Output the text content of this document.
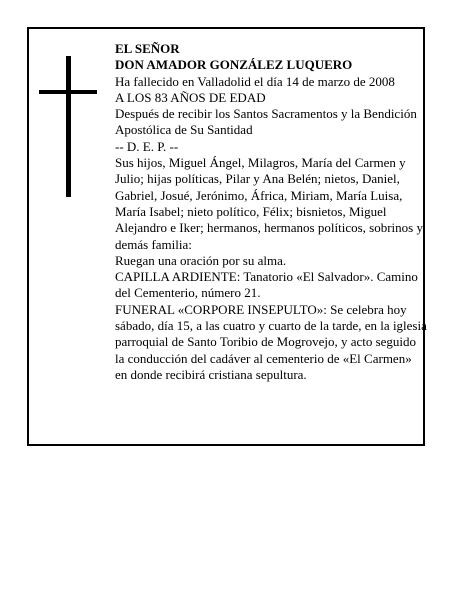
EL SEÑOR

DON AMADOR GONZÁLEZ LUQUERO

Ha fallecido en Valladolid el día 14 de marzo de 2008

A LOS 83 AÑOS DE EDAD

Después de recibir los Santos Sacramentos y la Bendición Apostólica de Su Santidad

-- D. E. P. --

Sus hijos, Miguel Ángel, Milagros, María del Carmen y Julio; hijas políticas, Pilar y Ana Belén; nietos, Daniel, Gabriel, Josué, Jerónimo, África, Miriam, María Luisa, María Isabel; nieto político, Félix; bisnietos, Miguel Alejandro e Iker; hermanos, hermanos políticos, sobrinos y demás familia:

Ruegan una oración por su alma.

CAPILLA ARDIENTE: Tanatorio «El Salvador». Camino del Cementerio, número 21.

FUNERAL «CORPORE INSEPULTO»: Se celebra hoy sábado, día 15, a las cuatro y cuarto de la tarde, en la iglesia parroquial de Santo Toribio de Mogrovejo, y acto seguido la conducción del cadáver al cementerio de «El Carmen» en donde recibirá cristiana sepultura.
